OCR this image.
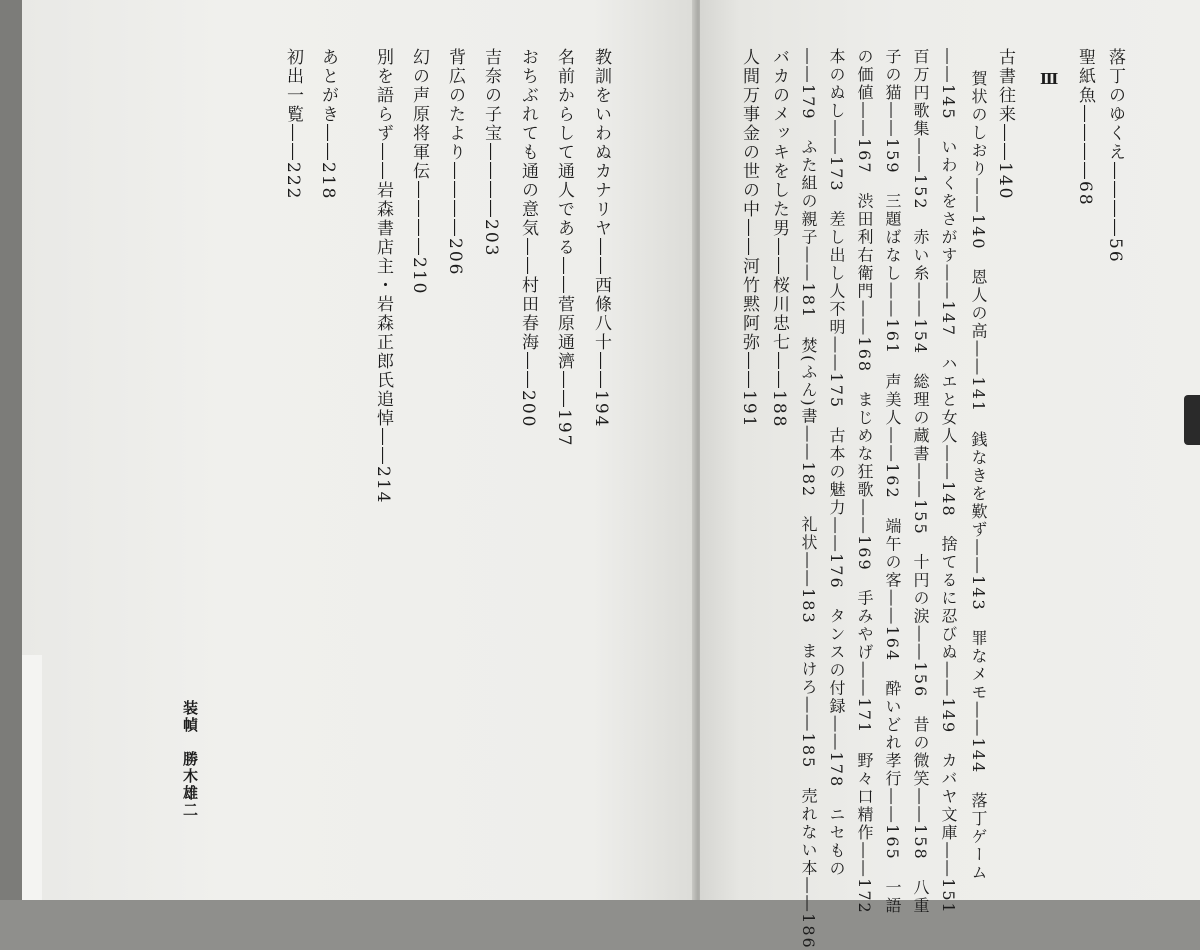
教訓をいわぬカナリヤ――西條八十――194
名前からして通人である――菅原通濟――197
おちぶれても通の意気――村田春海――200
吉奈の子宝――――203
背広のたより――――206
幻の声原将軍伝――――210
別を語らず――岩森書店主・岩森正郎氏追悼――214
あとがき――218
初出一覧――222
装幀　勝木雄二
落丁のゆくえ――――56
聖紙魚――――68
Ⅲ
古書往来――140
賀状のしおり――140　恩人の高――141　銭なきを歎ず――143　罪なメモ――144　落丁ゲーム
――145　いわくをさがす――147　ハエと女人――148　捨てるに忍びぬ――149　カバヤ文庫――151
百万円歌集――152　赤い糸――154　総理の蔵書――155　十円の涙――156　昔の微笑――158　八重
子の猫――159　三題ばなし――161　声美人――162　端午の客――164　酔いどれ孝行――165　一語
の価値――167　渋田利右衛門――168　まじめな狂歌――169　手みやげ――171　野々口精作――172
本のぬし――173　差し出し人不明――175　古本の魅力――176　タンスの付録――178　ニセもの
――179　ふた組の親子――181　焚(ふん)書――182　礼状――183　まけろ――185　売れない本――186
バカのメッキをした男――桜川忠七――188
人間万事金の世の中――河竹黙阿弥――191
